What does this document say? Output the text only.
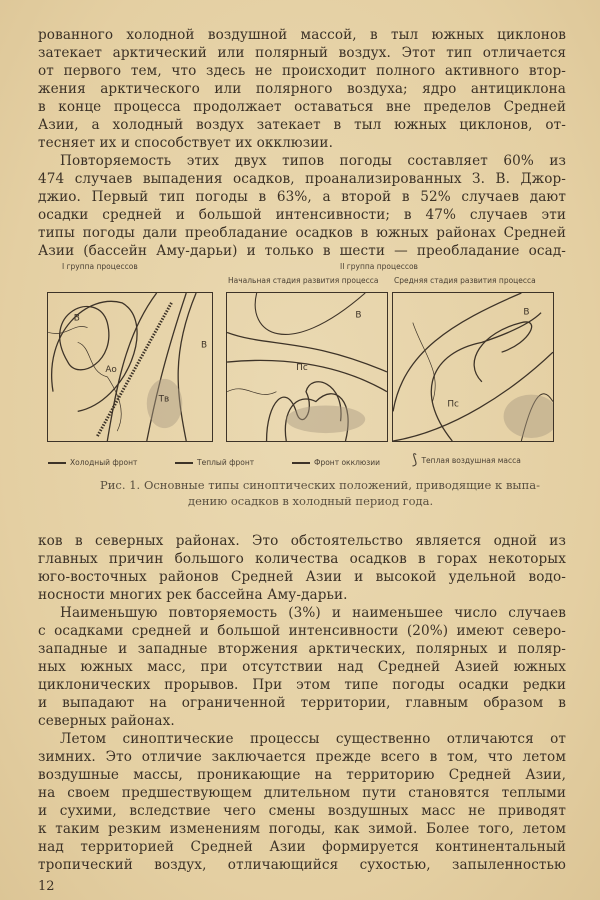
рованного холодной воздушной массой, в тыл южных циклонов
затекает арктический или полярный воздух. Этот тип отличается
от первого тем, что здесь не происходит полного активного втор-
жения арктического или полярного воздуха; ядро антициклона
в конце процесса продолжает оставаться вне пределов Средней
Азии, а холодный воздух затекает в тыл южных циклонов, от-
тесняет их и способствует их окклюзии.
Повторяемость этих двух типов погоды составляет 60% из
474 случаев выпадения осадков, проанализированных З. В. Джор-
джио. Первый тип погоды в 63%, а второй в 52% случаев дают
осадки средней и большой интенсивности; в 47% случаев эти
типы погоды дали преобладание осадков в южных районах Средней
Азии (бассейн Аму-дарьи) и только в шести — преобладание осад-
I группа процессов	II группа процессов
Начальная стадия развития процесса Средняя стадия развития процесса
В
Ао
Тв
В
В
Пс
В
Пс
Холодный фронт	Теплый фронт	Фронт окклюзии ⟆ Теплая воздушная масса
Рис. 1. Основные типы синоптических положений, приводящие к выпа-
дению осадков в холодный период года.
ков в северных районах. Это обстоятельство является одной из
главных причин большого количества осадков в горах некоторых
юго-восточных районов Средней Азии и высокой удельной водо-
носности многих рек бассейна Аму-дарьи.
Наименьшую повторяемость (3%) и наименьшее число случаев
с осадками средней и большой интенсивности (20%) имеют северо-
западные и западные вторжения арктических, полярных и поляр-
ных южных масс, при отсутствии над Средней Азией южных
циклонических прорывов. При этом типе погоды осадки редки
и выпадают на ограниченной территории, главным образом в
северных районах.
Летом синоптические процессы существенно отличаются от
зимних. Это отличие заключается прежде всего в том, что летом
воздушные массы, проникающие на территорию Средней Азии,
на своем предшествующем длительном пути становятся теплыми
и сухими, вследствие чего смены воздушных масс не приводят
к таким резким изменениям погоды, как зимой. Более того, летом
над территорией Средней Азии формируется континентальный
тропический воздух, отличающийся сухостью, запыленностью
12
